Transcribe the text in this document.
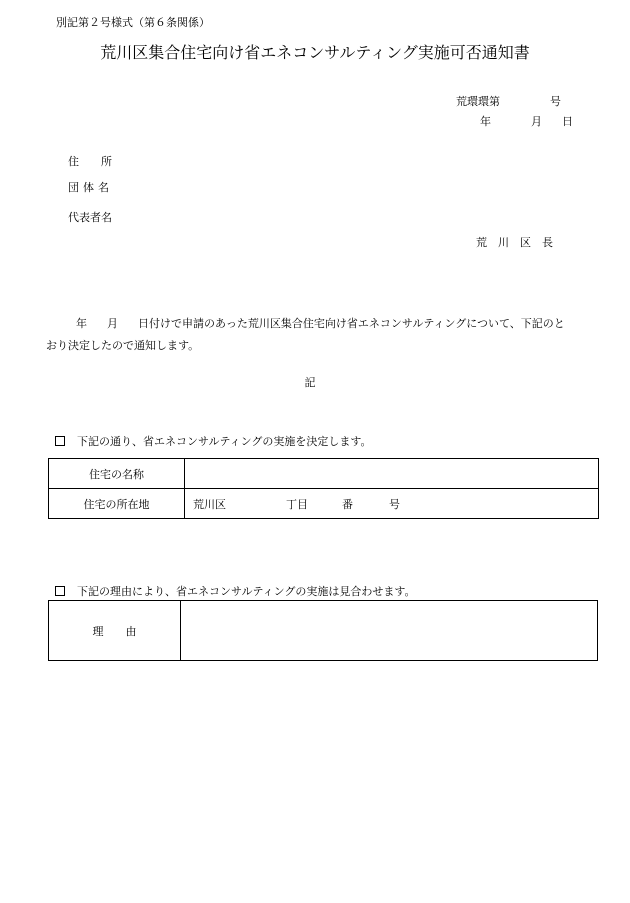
別記第２号様式（第６条関係）
荒川区集合住宅向け省エネコンサルティング実施可否通知書
荒環環第	号
年	月 日
住 所
団体名
代表者名
荒川区長
年 月 日付けで申請のあった荒川区集合住宅向け省エネコンサルティングについて、下記のとおり決定したので通知します。
記
下記の通り、省エネコンサルティングの実施を決定します。
住宅の名称	
住宅の所在地	荒川区 丁目 番 号
下記の理由により、省エネコンサルティングの実施は見合わせます。
理 由	
